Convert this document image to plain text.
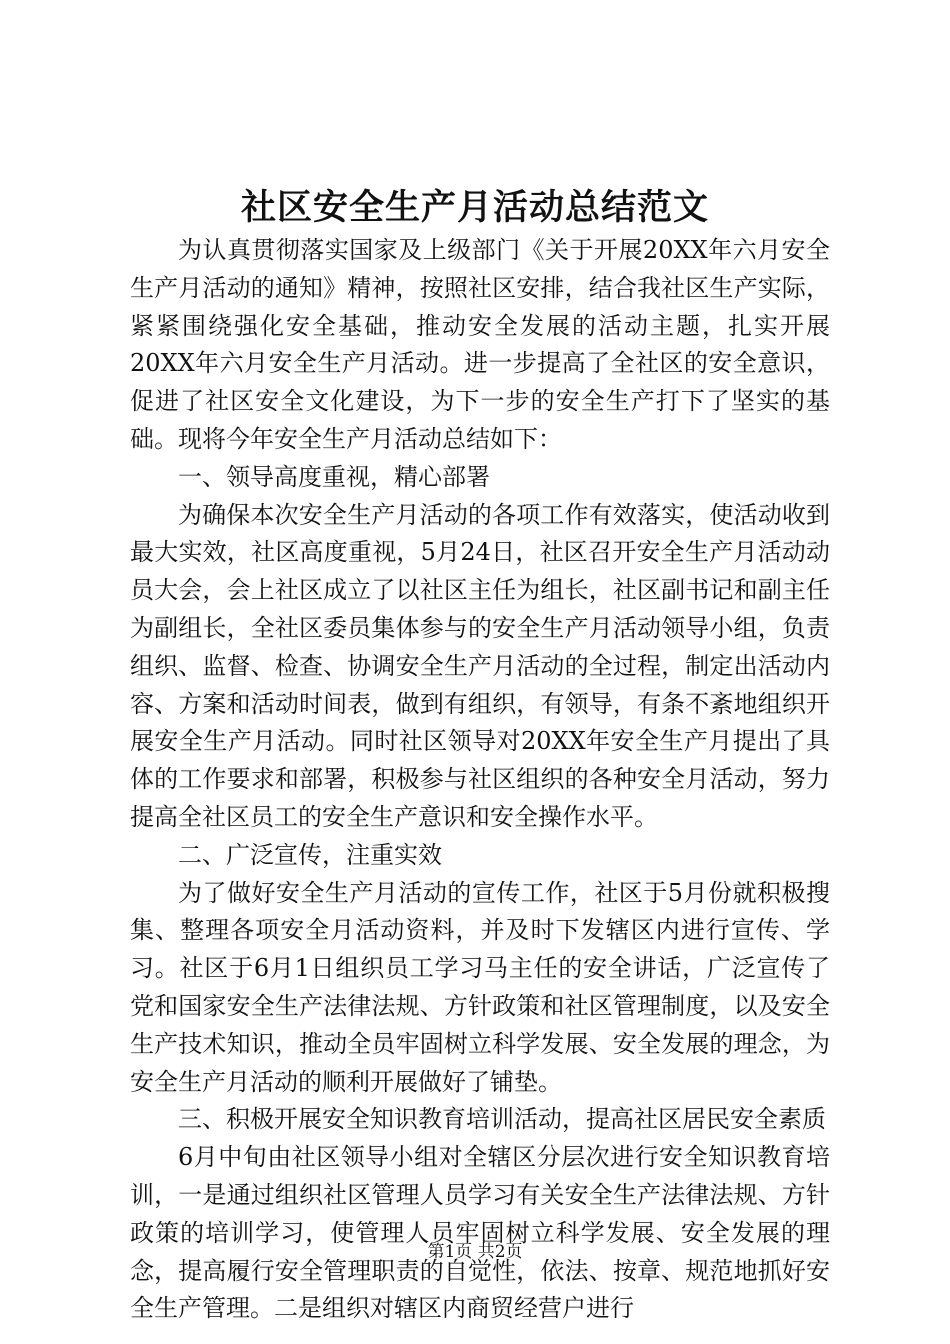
社区安全生产月活动总结范文

为认真贯彻落实国家及上级部门《关于开展20XX年六月安全生产月活动的通知》精神，按照社区安排，结合我社区生产实际，紧紧围绕强化安全基础，推动安全发展的活动主题，扎实开展20XX年六月安全生产月活动。进一步提高了全社区的安全意识，促进了社区安全文化建设，为下一步的安全生产打下了坚实的基础。现将今年安全生产月活动总结如下：

一、领导高度重视，精心部署

为确保本次安全生产月活动的各项工作有效落实，使活动收到最大实效，社区高度重视，5月24日，社区召开安全生产月活动动员大会，会上社区成立了以社区主任为组长，社区副书记和副主任为副组长，全社区委员集体参与的安全生产月活动领导小组，负责组织、监督、检查、协调安全生产月活动的全过程，制定出活动内容、方案和活动时间表，做到有组织，有领导，有条不紊地组织开展安全生产月活动。同时社区领导对20XX年安全生产月提出了具体的工作要求和部署，积极参与社区组织的各种安全月活动，努力提高全社区员工的安全生产意识和安全操作水平。

二、广泛宣传，注重实效

为了做好安全生产月活动的宣传工作，社区于5月份就积极搜集、整理各项安全月活动资料，并及时下发辖区内进行宣传、学习。社区于6月1日组织员工学习马主任的安全讲话，广泛宣传了党和国家安全生产法律法规、方针政策和社区管理制度，以及安全生产技术知识，推动全员牢固树立科学发展、安全发展的理念，为安全生产月活动的顺利开展做好了铺垫。

三、积极开展安全知识教育培训活动，提高社区居民安全素质

6月中旬由社区领导小组对全辖区分层次进行安全知识教育培训，一是通过组织社区管理人员学习有关安全生产法律法规、方针政策的培训学习，使管理人员牢固树立科学发展、安全发展的理念，提高履行安全管理职责的自觉性，依法、按章、规范地抓好安全生产管理。二是组织对辖区内商贸经营户进行

第1页 共2页
